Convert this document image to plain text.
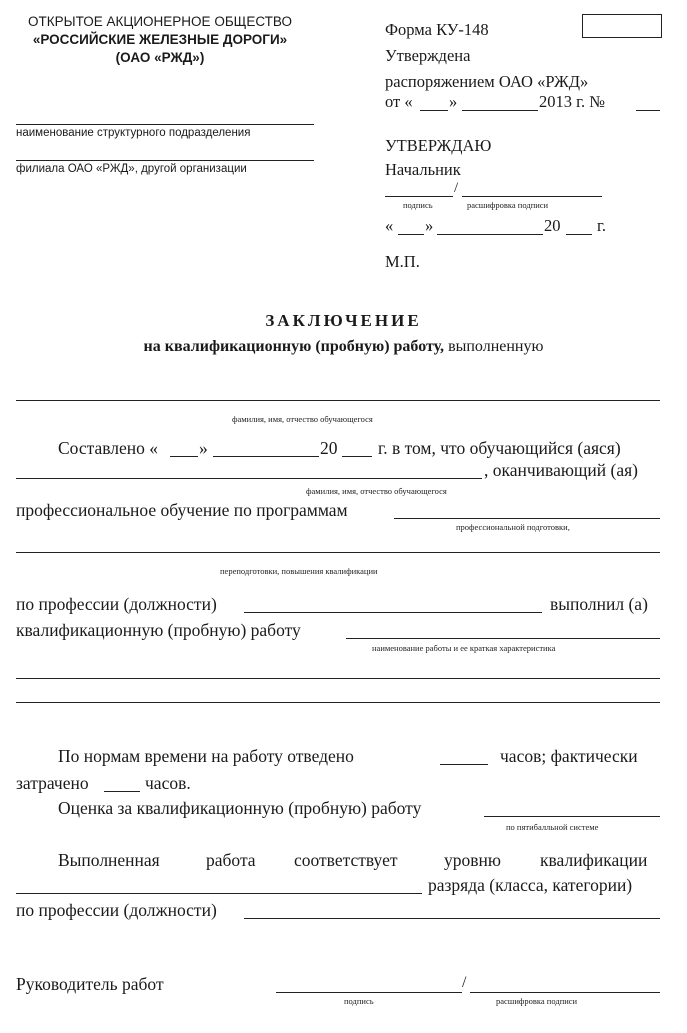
ОТКРЫТОЕ АКЦИОНЕРНОЕ ОБЩЕСТВО
«РОССИЙСКИЕ ЖЕЛЕЗНЫЕ ДОРОГИ»
(ОАО «РЖД»)
наименование структурного подразделения
филиала ОАО «РЖД», другой организации
Форма КУ-148
Утверждена
распоряжением ОАО «РЖД»
от « »	2013 г. №
УТВЕРЖДАЮ
Начальник
/
подпись	расшифровка подписи
« »	20 г.
М.П.
ЗАКЛЮЧЕНИЕ
на квалификационную (пробную) работу, выполненную
фамилия, имя, отчество обучающегося
Составлено « »	20 г. в том, что обучающийся (аяся)
, оканчивающий (ая)
фамилия, имя, отчество обучающегося
профессиональное обучение по программам
профессиональной подготовки,
переподготовки, повышения квалификации
по профессии (должности)	выполнил (а)
квалификационную (пробную) работу
наименование работы и ее краткая характеристика
По нормам времени на работу отведено	часов; фактически
затрачено	часов.
Оценка за квалификационную (пробную) работу
по пятибалльной системе
Выполненная	работа соответствует	уровню квалификации
разряда (класса, категории)
по профессии (должности)
Руководитель работ	/
подпись	расшифровка подписи
